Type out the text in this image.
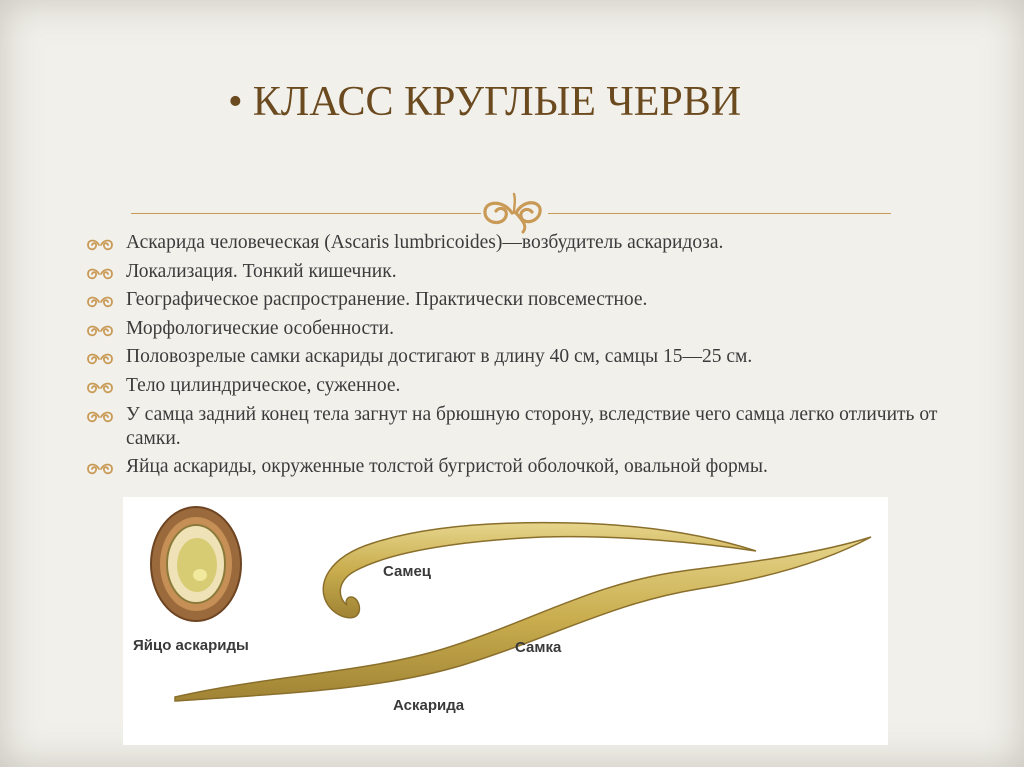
• КЛАСС КРУГЛЫЕ ЧЕРВИ
Аскарида человеческая (Ascaris lumbricoides)—возбудитель аскаридоза.
Локализация. Тонкий кишечник.
Географическое распространение. Практически повсеместное.
Морфологические особенности.
Половозрелые самки аскариды достигают в длину 40 см, самцы 15—25 см.
Тело цилиндрическое, суженное.
У самца задний конец тела загнут на брюшную сторону, вследствие чего самца легко отличить от самки.
Яйца аскариды, окруженные толстой бугристой оболочкой, овальной формы.
Яйцо аскариды
Самец
Самка
Аскарида
